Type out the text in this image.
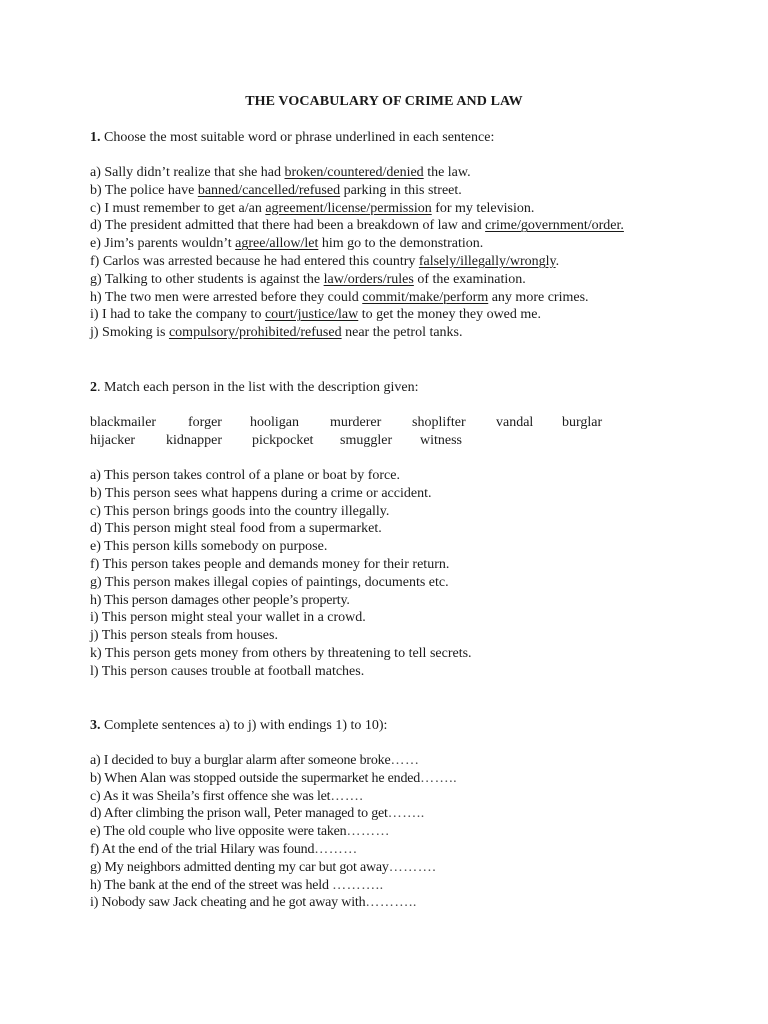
THE VOCABULARY OF CRIME AND LAW
1. Choose the most suitable word or phrase underlined in each sentence:
a) Sally didn’t realize that she had broken/countered/denied the law.
b) The police have banned/cancelled/refused parking in this street.
c) I must remember to get a/an agreement/license/permission for my television.
d) The president admitted that there had been a breakdown of law and crime/government/order.
e) Jim’s parents wouldn’t agree/allow/let him go to the demonstration.
f) Carlos was arrested because he had entered this country falsely/illegally/wrongly.
g) Talking to other students is against the law/orders/rules of the examination.
h) The two men were arrested before they could commit/make/perform any more crimes.
i) I had to take the company to court/justice/law to get the money they owed me.
j) Smoking is compulsory/prohibited/refused near the petrol tanks.
2. Match each person in the list with the description given:
blackmailer forger hooligan murderer shoplifter vandal burglar
hijacker kidnapper pickpocket smuggler witness
a) This person takes control of a plane or boat by force.
b) This person sees what happens during a crime or accident.
c) This person brings goods into the country illegally.
d) This person might steal food from a supermarket.
e) This person kills somebody on purpose.
f) This person takes people and demands money for their return.
g) This person makes illegal copies of paintings, documents etc.
h) This person damages other people’s property.
i) This person might steal your wallet in a crowd.
j) This person steals from houses.
k) This person gets money from others by threatening to tell secrets.
l) This person causes trouble at football matches.
3. Complete sentences a) to j) with endings 1) to 10):
a) I decided to buy a burglar alarm after someone broke……
b) When Alan was stopped outside the supermarket he ended……..
c) As it was Sheila’s first offence she was let…….
d) After climbing the prison wall, Peter managed to get……..
e) The old couple who live opposite were taken………
f) At the end of the trial Hilary was found………
g) My neighbors admitted denting my car but got away……….
h) The bank at the end of the street was held ………..
i) Nobody saw Jack cheating and he got away with………..
